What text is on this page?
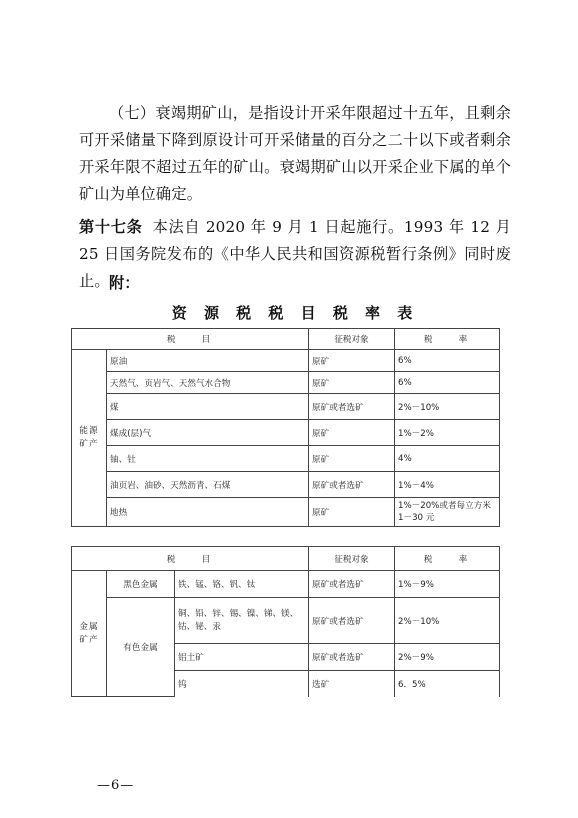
（七）衰竭期矿山，是指设计开采年限超过十五年，且剩余可开采储量下降到原设计可开采储量的百分之二十以下或者剩余开采年限不超过五年的矿山。衰竭期矿山以开采企业下属的单个矿山为单位确定。

第十七条 本法自 2020 年 9 月 1 日起施行。1993 年 12 月 25 日国务院发布的《中华人民共和国资源税暂行条例》同时废止。 附：

资 源 税 税 目 税 率 表

税　　目		征税对象	税　　率
能源矿产	原油	原矿	6%
	天然气、页岩气、天然气水合物	原矿	6%
	煤	原矿或者选矿	2%－10%
	煤成(层)气	原矿	1%－2%
	铀、钍	原矿	4%
	油页岩、油砂、天然沥青、石煤	原矿或者选矿	1%－4%
	地热	原矿	1%－20%或者每立方米 1－30 元
税　　目			征税对象	税　　率
金属矿产	黑色金属	铁、锰、铬、钒、钛	原矿或者选矿	1%－9%
	有色金属	铜、铅、锌、锡、镍、锑、镁、钴、铋、汞	原矿或者选矿	2%－10%
		铝土矿	原矿或者选矿	2%－9%
		钨	选矿	6．5%

—6—
